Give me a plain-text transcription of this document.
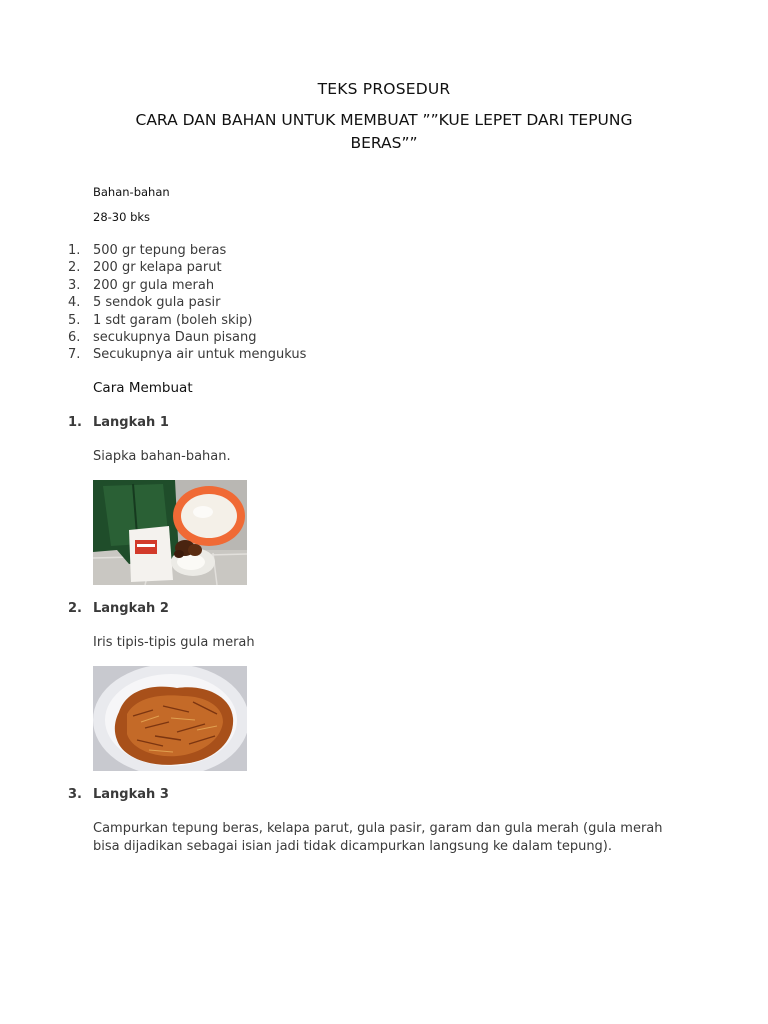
TEKS PROSEDUR
CARA DAN BAHAN UNTUK MEMBUAT ””KUE LEPET DARI TEPUNG BERAS””
Bahan-bahan
28-30 bks
1. 500 gr tepung beras
2. 200 gr kelapa parut
3. 200 gr gula merah
4. 5 sendok gula pasir
5. 1 sdt garam (boleh skip)
6. secukupnya Daun pisang
7. Secukupnya air untuk mengukus
Cara Membuat
1. Langkah 1
Siapka bahan-bahan.
2. Langkah 2
Iris tipis-tipis gula merah
3. Langkah 3
Campurkan tepung beras, kelapa parut, gula pasir, garam dan gula merah (gula merah bisa dijadikan sebagai isian jadi tidak dicampurkan langsung ke dalam tepung).
